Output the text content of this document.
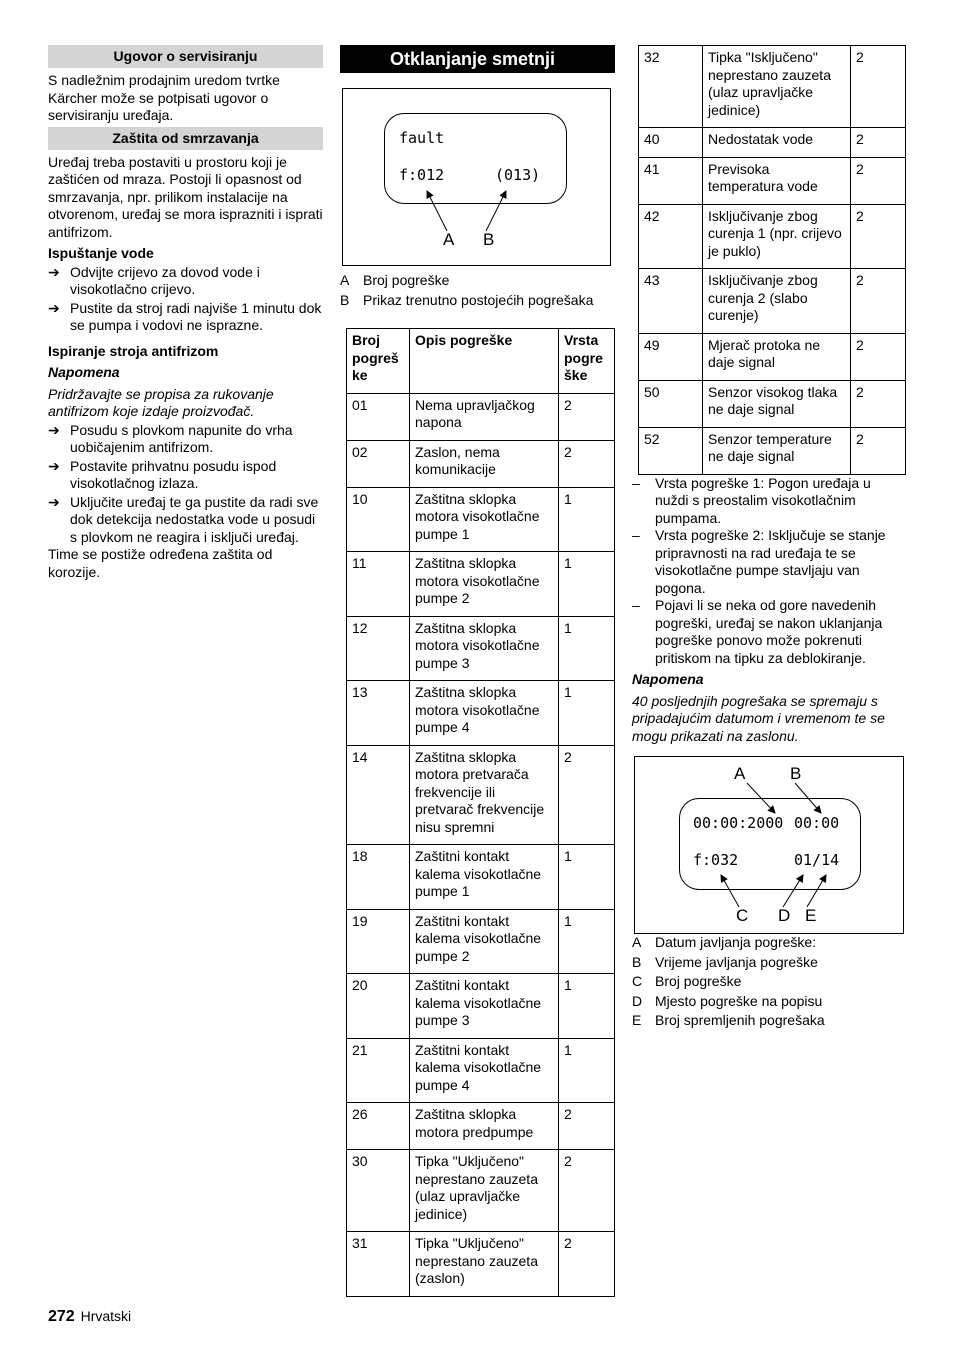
Ugovor o servisiranju

S nadležnim prodajnim uredom tvrtke Kärcher može se potpisati ugovor o servisiranju uređaja.

Zaštita od smrzavanja

Uređaj treba postaviti u prostoru koji je zaštićen od mraza. Postoji li opasnost od smrzavanja, npr. prilikom instalacije na otvorenom, uređaj se mora isprazniti i isprati antifrizom.

Ispuštanje vode

➔ Odvijte crijevo za dovod vode i visokotlačno crijevo.
➔ Pustite da stroj radi najviše 1 minutu dok se pumpa i vodovi ne isprazne.

Ispiranje stroja antifrizom

Napomena

Pridržavajte se propisa za rukovanje antifrizom koje izdaje proizvođač.

➔ Posudu s plovkom napunite do vrha uobičajenim antifrizom.
➔ Postavite prihvatnu posudu ispod visokotlačnog izlaza.
➔ Uključite uređaj te ga pustite da radi sve dok detekcija nedostatka vode u posudi s plovkom ne reagira i isključi uređaj.

Time se postiže određena zaštita od korozije.

Otklanjanje smetnji
fault
f:012	(013)
A B
A Broj pogreške
B Prikaz trenutno postojećih pogrešaka
Broj pogreš ke	Opis pogreške	Vrsta pogre ške
01	Nema upravljačkog napona	2
02	Zaslon, nema komunikacije	2
10	Zaštitna sklopka motora visokotlačne pumpe 1	1
11	Zaštitna sklopka motora visokotlačne pumpe 2	1
12	Zaštitna sklopka motora visokotlačne pumpe 3	1
13	Zaštitna sklopka motora visokotlačne pumpe 4	1
14	Zaštitna sklopka motora pretvarača frekvencije ili pretvarač frekvencije nisu spremni	2
18	Zaštitni kontakt kalema visokotlačne pumpe 1	1
19	Zaštitni kontakt kalema visokotlačne pumpe 2	1
20	Zaštitni kontakt kalema visokotlačne pumpe 3	1
21	Zaštitni kontakt kalema visokotlačne pumpe 4	1
26	Zaštitna sklopka motora predpumpe	2
30	Tipka "Uključeno" neprestano zauzeta (ulaz upravljačke jedinice)	2
31	Tipka "Uključeno" neprestano zauzeta (zaslon)	2
32	Tipka "Isključeno" neprestano zauzeta (ulaz upravljačke jedinice)	2
40	Nedostatak vode	2
41	Previsoka temperatura vode	2
42	Isključivanje zbog curenja 1 (npr. crijevo je puklo)	2
43	Isključivanje zbog curenja 2 (slabo curenje)	2
49	Mjerač protoka ne daje signal	2
50	Senzor visokog tlaka ne daje signal	2
52	Senzor temperature ne daje signal	2
– Vrsta pogreške 1: Pogon uređaja u nuždi s preostalim visokotlačnim pumpama.
– Vrsta pogreške 2: Isključuje se stanje pripravnosti na rad uređaja te se visokotlačne pumpe stavljaju van pogona.
– Pojavi li se neka od gore navedenih pogreški, uređaj se nakon uklanjanja pogreške ponovo može pokrenuti pritiskom na tipku za deblokiranje.

Napomena

40 posljednjih pogrešaka se spremaju s pripadajućim datumom i vremenom te se mogu prikazati na zaslonu.

00:00:2000 00:00
f:032	01/14
A	B
C D E
A Datum javljanja pogreške:
B Vrijeme javljanja pogreške
C Broj pogreške
D Mjesto pogreške na popisu
E Broj spremljenih pogrešaka
272 Hrvatski
